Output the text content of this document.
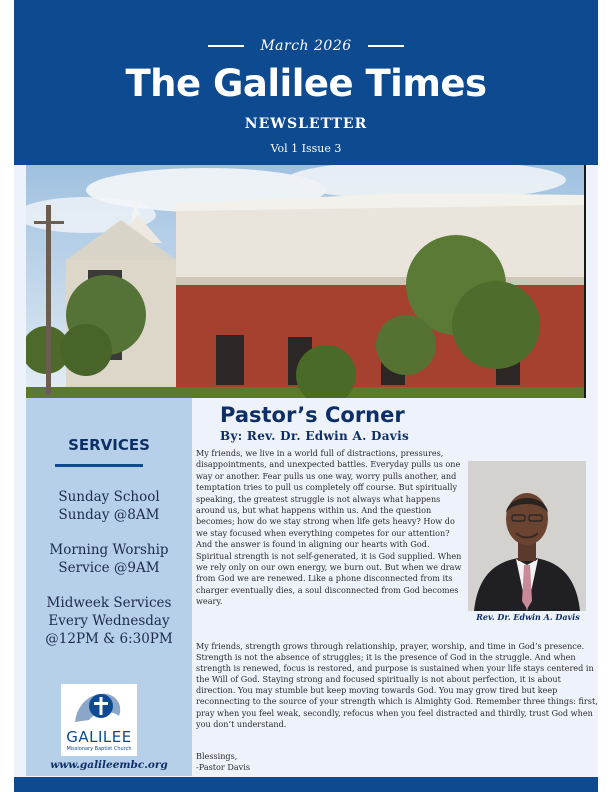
March 2026
The Galilee Times
NEWSLETTER
Vol 1 Issue 3
SERVICES
Sunday School
Sunday @8AM
Morning Worship
Service @9AM
Midweek Services
Every Wednesday
@12PM & 6:30PM
GALILEE
Missionary Baptist Church
www.galileembc.org
Pastor’s Corner
By: Rev. Dr. Edwin A. Davis

My friends, we live in a world full of distractions, pressures, disappointments, and unexpected battles. Everyday pulls us one way or another. Fear pulls us one way, worry pulls another, and temptation tries to pull us completely off course. But spiritually speaking, the greatest struggle is not always what happens around us, but what happens within us. And the question becomes; how do we stay strong when life gets heavy? How do we stay focused when everything competes for our attention? And the answer is found in aligning our hearts with God. Spiritual strength is not self-generated, it is God supplied. When we rely only on our own energy, we burn out. But when we draw from God we are renewed. Like a phone disconnected from its charger eventually dies, a soul disconnected from God becomes weary.

Rev. Dr. Edwin A. Davis

My friends, strength grows through relationship, prayer, worship, and time in God’s presence. Strength is not the absence of struggles; it is the presence of God in the struggle. And when strength is renewed, focus is restored, and purpose is sustained when your life stays centered in the Will of God. Staying strong and focused spiritually is not about perfection, it is about direction. You may stumble but keep moving towards God. You may grow tired but keep reconnecting to the source of your strength which is Almighty God. Remember three things: first, pray when you feel weak, secondly, refocus when you feel distracted and thirdly, trust God when you don’t understand.

Blessings,
-Pastor Davis
